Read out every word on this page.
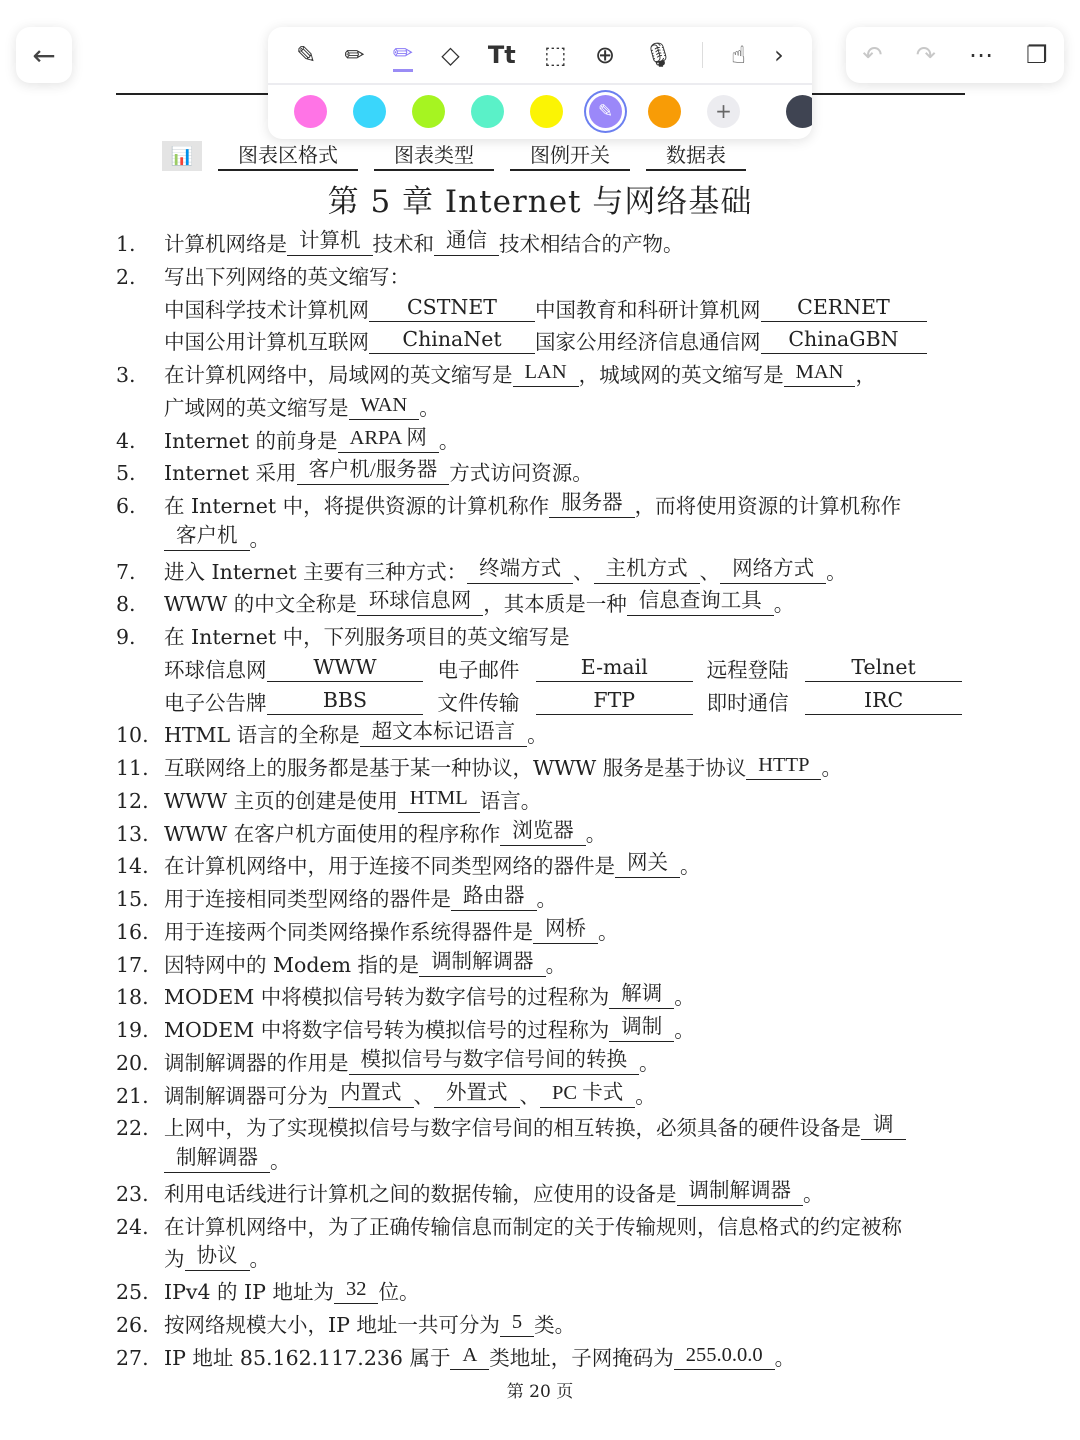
←	✎ ✏ ✏ ◇ Tt ⬚ ⊕ 🎙︎ ☝ ›
✎	+
↶ ↷ ⋯ ❐
📊	图表区格式	图表类型	图例开关	数据表
第 5 章 Internet 与网络基础
1.	计算机网络是 计算机 技术和 通信 技术相结合的产物。
2.	写出下列网络的英文缩写：
中国科学技术计算机网	CSTNET	中国教育和科研计算机网	CERNET
中国公用计算机互联网	ChinaNet	国家公用经济信息通信网	ChinaGBN
3.	在计算机网络中，局域网的英文缩写是 LAN ，城域网的英文缩写是 MAN ，
广域网的英文缩写是 WAN 。
4.	Internet 的前身是 ARPA 网 。
5.	Internet 采用 客户机/服务器 方式访问资源。
6.	在 Internet 中，将提供资源的计算机称作 服务器 ，而将使用资源的计算机称作
客户机 。
7.	进入 Internet 主要有三种方式： 终端方式 、 主机方式 、 网络方式 。
8.	WWW 的中文全称是 环球信息网 ，其本质是一种 信息查询工具 。
9.	在 Internet 中，下列服务项目的英文缩写是
环球信息网	WWW	电子邮件	E-mail	远程登陆	Telnet
电子公告牌	BBS	文件传输	FTP	即时通信	IRC
10. HTML 语言的全称是 超文本标记语言 。
11. 互联网络上的服务都是基于某一种协议，WWW 服务是基于协议 HTTP 。
12. WWW 主页的创建是使用 HTML 语言。
13. WWW 在客户机方面使用的程序称作 浏览器 。
14. 在计算机网络中，用于连接不同类型网络的器件是 网关 。
15. 用于连接相同类型网络的器件是 路由器 。
16. 用于连接两个同类网络操作系统得器件是 网桥 。
17. 因特网中的 Modem 指的是 调制解调器 。
18. MODEM 中将模拟信号转为数字信号的过程称为 解调 。
19. MODEM 中将数字信号转为模拟信号的过程称为 调制 。
20. 调制解调器的作用是 模拟信号与数字信号间的转换 。
21. 调制解调器可分为 内置式 、 外置式 、 PC 卡式 。
22. 上网中，为了实现模拟信号与数字信号间的相互转换，必须具备的硬件设备是 调
制解调器 。
23. 利用电话线进行计算机之间的数据传输，应使用的设备是 调制解调器 。
24. 在计算机网络中，为了正确传输信息而制定的关于传输规则，信息格式的约定被称
为 协议 。
25. IPv4 的 IP 地址为 32 位。
26. 按网络规模大小，IP 地址一共可分为 5 类。
27. IP 地址 85.162.117.236 属于 A 类地址，子网掩码为 255.0.0.0 。
第 20 页
